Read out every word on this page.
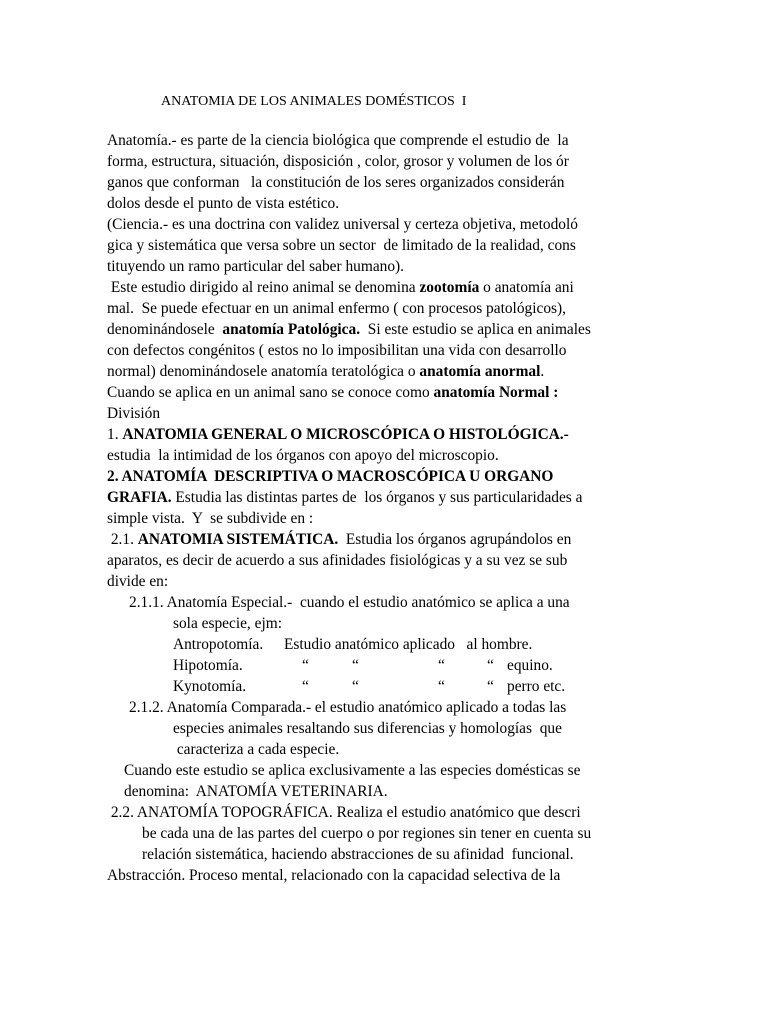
ANATOMIA DE LOS ANIMALES DOMÉSTICOS  I
Anatomía.- es parte de la ciencia biológica que comprende el estudio de  la
forma, estructura, situación, disposición , color, grosor y volumen de los ór
ganos que conforman   la constitución de los seres organizados considerán
dolos desde el punto de vista estético.
(Ciencia.- es una doctrina con validez universal y certeza objetiva, metodoló
gica y sistemática que versa sobre un sector  de limitado de la realidad, cons
tituyendo un ramo particular del saber humano).
Este estudio dirigido al reino animal se denomina zootomía o anatomía ani
mal.  Se puede efectuar en un animal enfermo ( con procesos patológicos),
denominándosele  anatomía Patológica.  Si este estudio se aplica en animales
con defectos congénitos ( estos no lo imposibilitan una vida con desarrollo
normal) denominándosele anatomía teratológica o anatomía anormal.
Cuando se aplica en un animal sano se conoce como anatomía Normal :
División
1. ANATOMIA GENERAL O MICROSCÓPICA O HISTOLÓGICA.-
estudia  la intimidad de los órganos con apoyo del microscopio.
2. ANATOMÍA  DESCRIPTIVA O MACROSCÓPICA U ORGANO
GRAFIA. Estudia las distintas partes de  los órganos y sus particularidades a
simple vista.  Y  se subdivide en :
2.1. ANATOMIA SISTEMÁTICA.  Estudia los órganos agrupándolos en
aparatos, es decir de acuerdo a sus afinidades fisiológicas y a su vez se sub
divide en:
2.1.1. Anatomía Especial.-  cuando el estudio anatómico se aplica a una
sola especie, ejm:
Antropotomía. Estudio anatómico aplicado   al hombre.
Hipotomía.	“	“	“	“ equino.
Kynotomía.	“	“	“	“ perro etc.
2.1.2. Anatomía Comparada.- el estudio anatómico aplicado a todas las
especies animales resaltando sus diferencias y homologías  que
caracteriza a cada especie.
Cuando este estudio se aplica exclusivamente a las especies domésticas se
denomina:  ANATOMÍA VETERINARIA.
2.2. ANATOMÍA TOPOGRÁFICA. Realiza el estudio anatómico que descri
be cada una de las partes del cuerpo o por regiones sin tener en cuenta su
relación sistemática, haciendo abstracciones de su afinidad  funcional.
Abstracción. Proceso mental, relacionado con la capacidad selectiva de la
